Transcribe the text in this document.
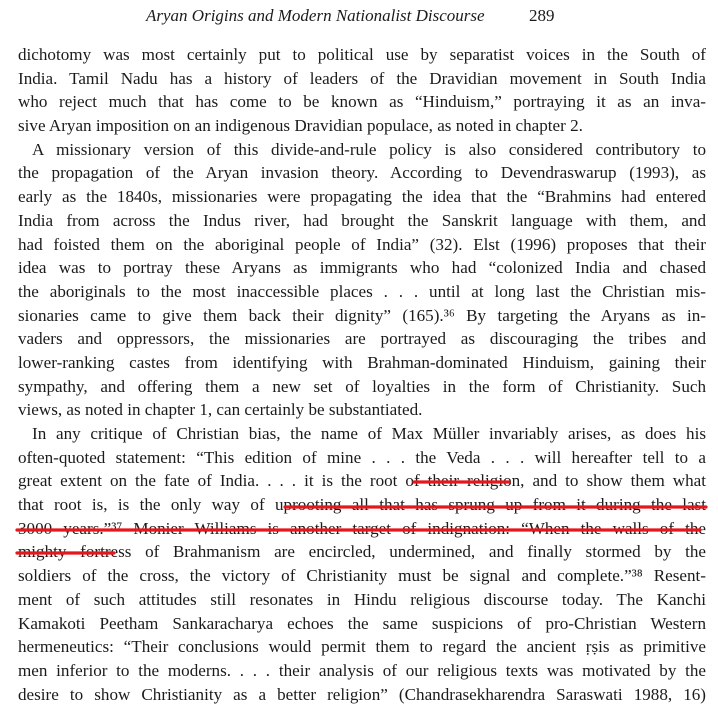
Aryan Origins and Modern Nationalist Discourse	289
dichotomy was most certainly put to political use by separatist voices in the South of
India. Tamil Nadu has a history of leaders of the Dravidian movement in South India
who reject much that has come to be known as “Hinduism,” portraying it as an inva-
sive Aryan imposition on an indigenous Dravidian populace, as noted in chapter 2.
A missionary version of this divide-and-rule policy is also considered contributory to
the propagation of the Aryan invasion theory. According to Devendraswarup (1993), as
early as the 1840s, missionaries were propagating the idea that the “Brahmins had entered
India from across the Indus river, had brought the Sanskrit language with them, and
had foisted them on the aboriginal people of India” (32). Elst (1996) proposes that their
idea was to portray these Aryans as immigrants who had “colonized India and chased
the aboriginals to the most inaccessible places . . . until at long last the Christian mis-
sionaries came to give them back their dignity” (165).³⁶ By targeting the Aryans as in-
vaders and oppressors, the missionaries are portrayed as discouraging the tribes and
lower-ranking castes from identifying with Brahman-dominated Hinduism, gaining their
sympathy, and offering them a new set of loyalties in the form of Christianity. Such
views, as noted in chapter 1, can certainly be substantiated.
In any critique of Christian bias, the name of Max Müller invariably arises, as does his
often-quoted statement: “This edition of mine . . . the Veda . . . will hereafter tell to a
great extent on the fate of India. . . . it is the root of their religion, and to show them what
that root is, is the only way of uprooting all that has sprung up from it during the last
3000 years.”³⁷ Monier Williams is another target of indignation: “When the walls of the
mighty fortress of Brahmanism are encircled, undermined, and finally stormed by the
soldiers of the cross, the victory of Christianity must be signal and complete.”³⁸ Resent-
ment of such attitudes still resonates in Hindu religious discourse today. The Kanchi
Kamakoti Peetham Sankaracharya echoes the same suspicions of pro-Christian Western
hermeneutics: “Their conclusions would permit them to regard the ancient ṛṣis as primitive
men inferior to the moderns. . . . their analysis of our religious texts was motivated by the
desire to show Christianity as a better religion” (Chandrasekharendra Saraswati 1988, 16)
